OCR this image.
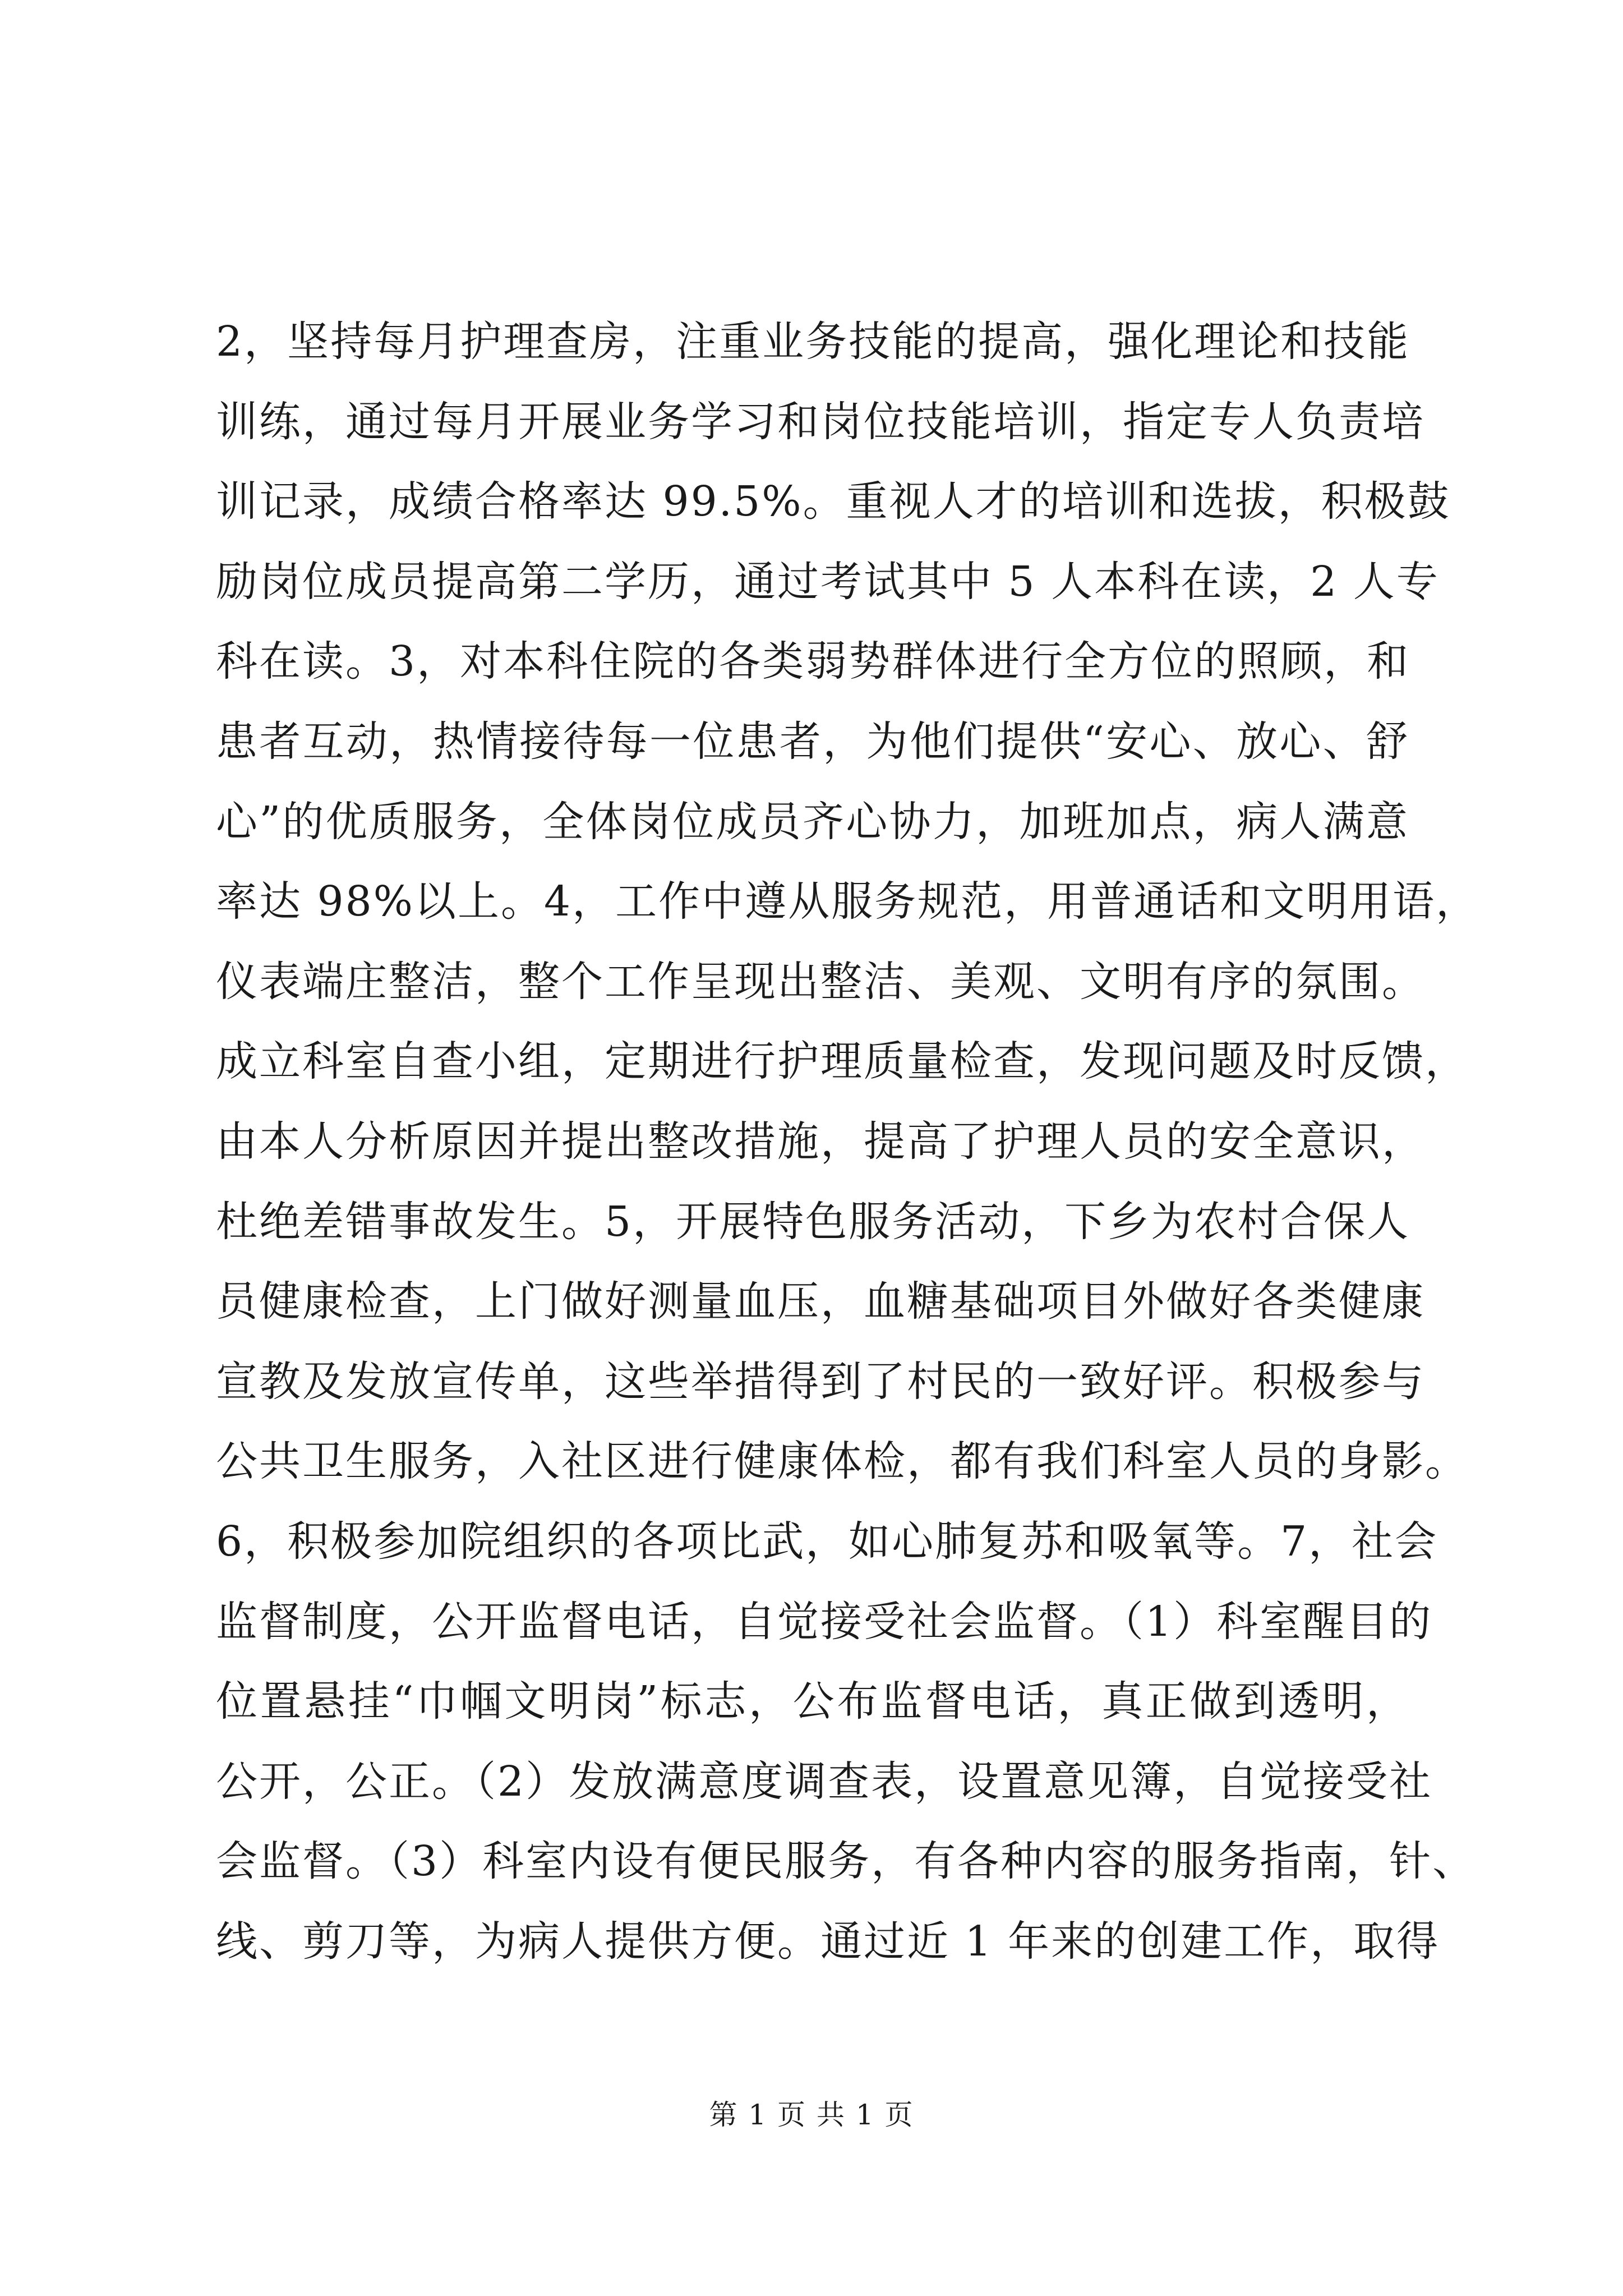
2，坚持每月护理查房，注重业务技能的提高，强化理论和技能
训练，通过每月开展业务学习和岗位技能培训，指定专人负责培
训记录，成绩合格率达 99.5%。重视人才的培训和选拔，积极鼓
励岗位成员提高第二学历，通过考试其中 5 人本科在读，2 人专
科在读。3，对本科住院的各类弱势群体进行全方位的照顾，和
患者互动，热情接待每一位患者，为他们提供“安心、放心、舒
心”的优质服务，全体岗位成员齐心协力，加班加点，病人满意
率达 98%以上。4，工作中遵从服务规范，用普通话和文明用语，
仪表端庄整洁，整个工作呈现出整洁、美观、文明有序的氛围。
成立科室自查小组，定期进行护理质量检查，发现问题及时反馈，
由本人分析原因并提出整改措施，提高了护理人员的安全意识，
杜绝差错事故发生。5，开展特色服务活动，下乡为农村合保人
员健康检查，上门做好测量血压，血糖基础项目外做好各类健康
宣教及发放宣传单，这些举措得到了村民的一致好评。积极参与
公共卫生服务，入社区进行健康体检，都有我们科室人员的身影。
6，积极参加院组织的各项比武，如心肺复苏和吸氧等。7，社会
监督制度，公开监督电话，自觉接受社会监督。（1）科室醒目的
位置悬挂“巾帼文明岗”标志，公布监督电话，真正做到透明，
公开，公正。（2）发放满意度调查表，设置意见簿，自觉接受社
会监督。（3）科室内设有便民服务，有各种内容的服务指南，针、
线、剪刀等，为病人提供方便。通过近 1 年来的创建工作，取得
第 1 页 共 1 页
